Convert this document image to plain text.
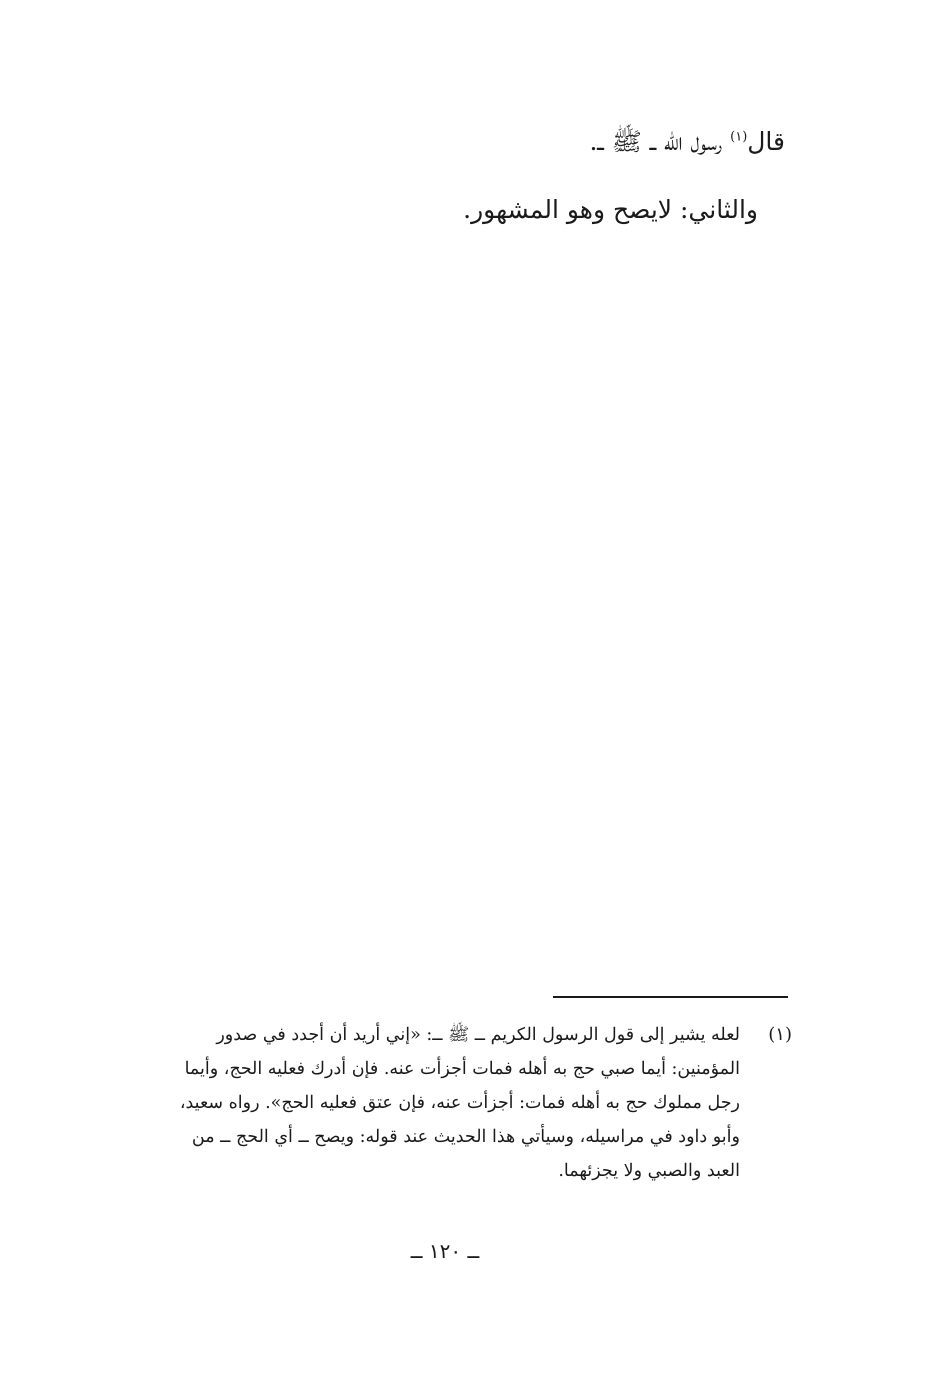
قال$^{(١)}$ رسول الله ــ ﷺ ــ.
والثاني: لايصح وهو المشهور.
(١)
لعله يشير إلى قول الرسول الكريم ــ ﷺ ــ: «إني أريد أن أجدد في صدور
المؤمنين: أيما صبي حج به أهله فمات أجزأت عنه. فإن أدرك فعليه الحج، وأيما
رجل مملوك حج به أهله فمات: أجزأت عنه، فإن عتق فعليه الحج». رواه سعيد،
وأبو داود في مراسيله، وسيأتي هذا الحديث عند قوله: ويصح ــ أي الحج ــ من
العبد والصبي ولا يجزئهما.
ــ ١٢٠ ــ
